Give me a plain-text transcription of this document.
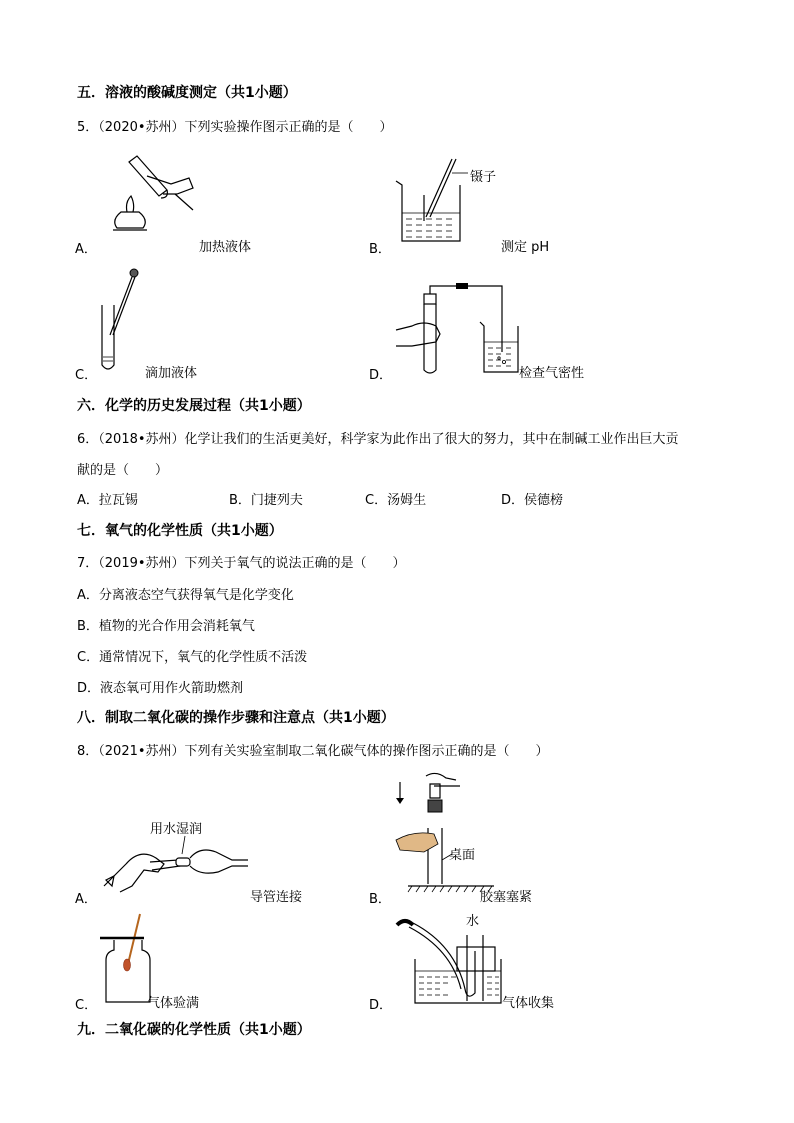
五．溶液的酸碱度测定（共1小题）
5．（2020•苏州）下列实验操作图示正确的是（　　）
A．	加热液体
镊子
B．	测定 pH
C．	滴加液体	D．	检查气密性
六．化学的历史发展过程（共1小题）
6．（2018•苏州）化学让我们的生活更美好，科学家为此作出了很大的努力，其中在制碱工业作出巨大贡
献的是（　　）
A．拉瓦锡	B．门捷列夫	C．汤姆生	D．侯德榜
七．氧气的化学性质（共1小题）
7．（2019•苏州）下列关于氧气的说法正确的是（　　）
A．分离液态空气获得氧气是化学变化
B．植物的光合作用会消耗氧气
C．通常情况下，氧气的化学性质不活泼
D．液态氧可用作火箭助燃剂
八．制取二氧化碳的操作步骤和注意点（共1小题）
8．（2021•苏州）下列有关实验室制取二氧化碳气体的操作图示正确的是（　　）
用水湿润
A．	导管连接
桌面
B．	胶塞塞紧
C．	气体验满
水
D．	气体收集
九．二氧化碳的化学性质（共1小题）
